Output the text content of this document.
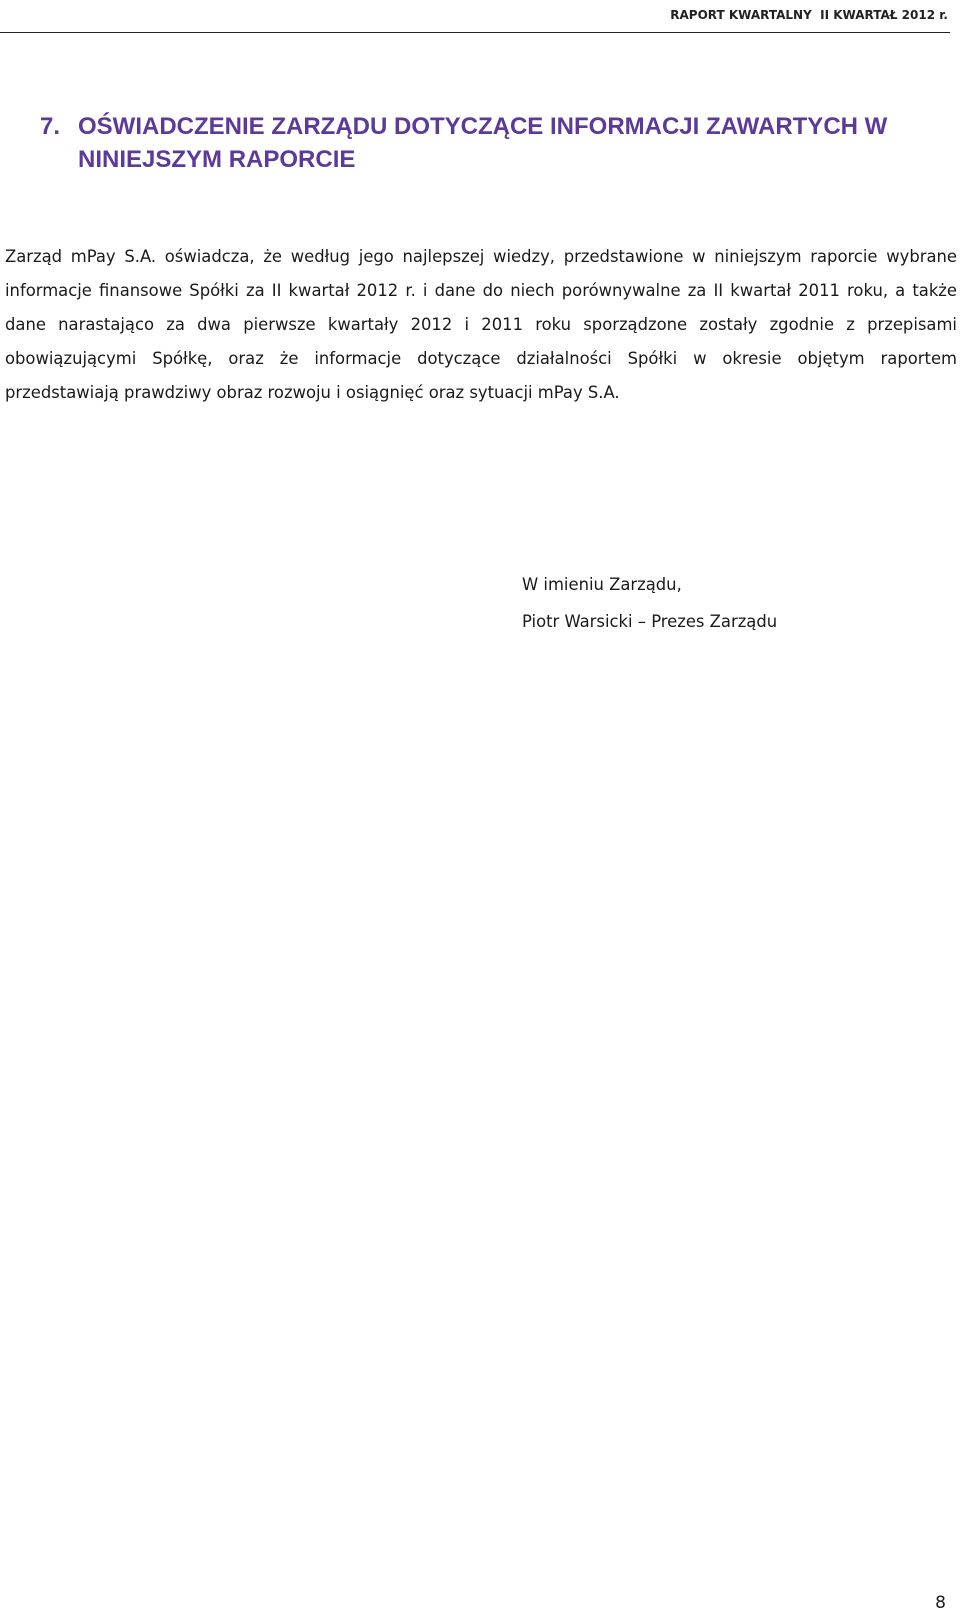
RAPORT KWARTALNY  II KWARTAŁ 2012 r.
7. OŚWIADCZENIE ZARZĄDU DOTYCZĄCE INFORMACJI ZAWARTYCH W
NINIEJSZYM RAPORCIE
Zarząd mPay S.A. oświadcza, że według jego najlepszej wiedzy, przedstawione w niniejszym raporcie wybrane informacje finansowe Spółki za II kwartał 2012 r. i dane do niech porównywalne za II kwartał 2011 roku, a także dane narastająco za dwa pierwsze kwartały 2012 i 2011 roku sporządzone zostały zgodnie z przepisami obowiązującymi Spółkę, oraz że informacje dotyczące działalności Spółki w okresie objętym raportem przedstawiają prawdziwy obraz rozwoju i osiągnięć oraz sytuacji mPay S.A.
W imieniu Zarządu,
Piotr Warsicki – Prezes Zarządu
8
